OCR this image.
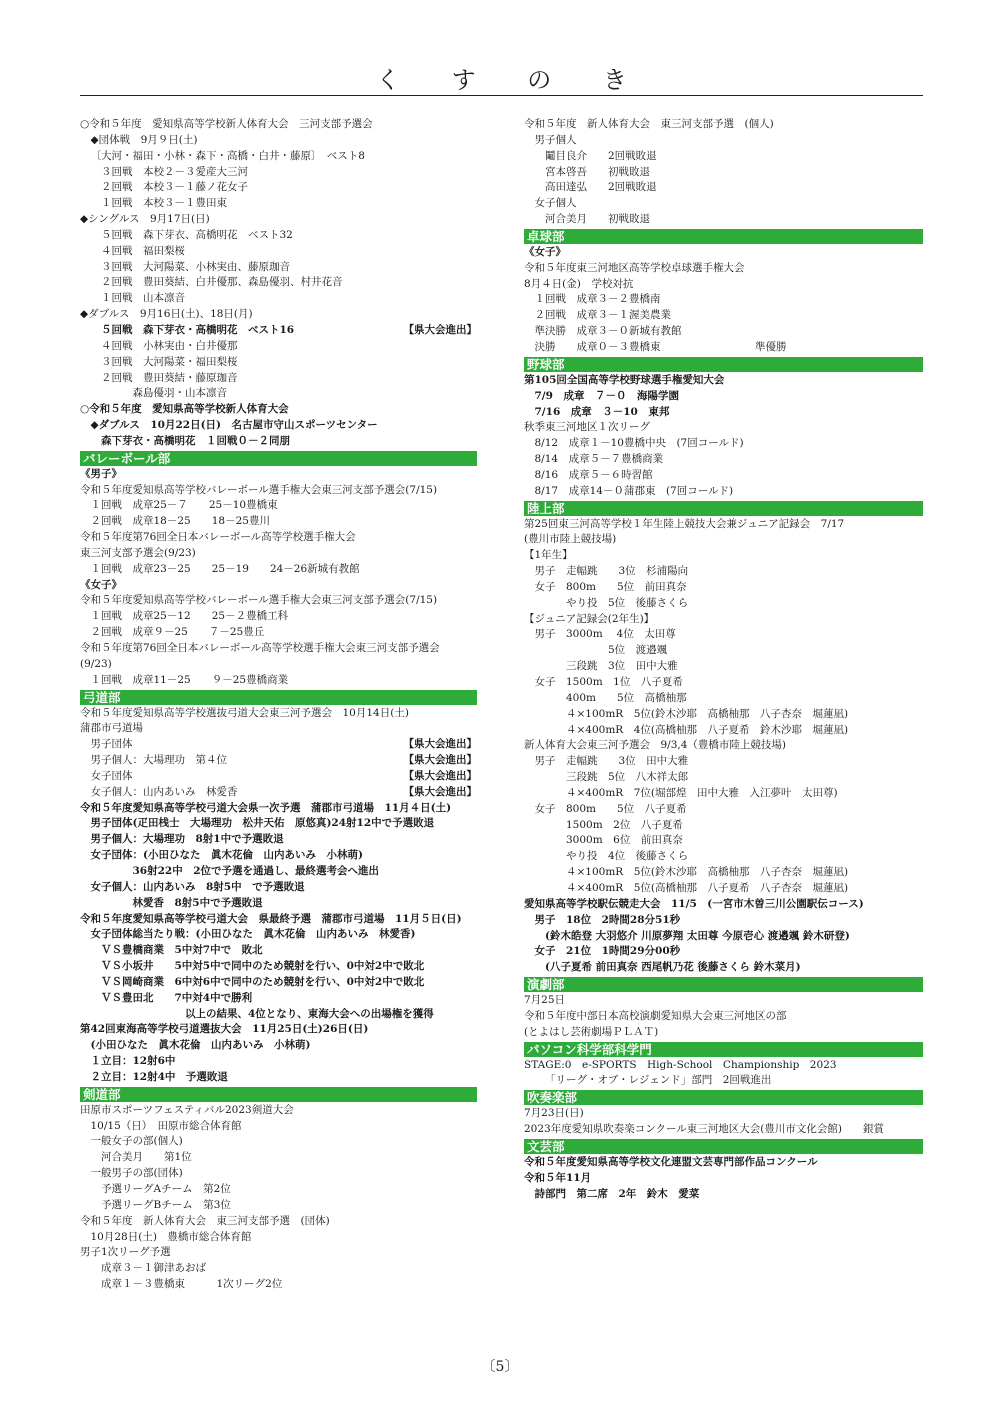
く す の き
○令和５年度　愛知県高等学校新人体育大会　三河支部予選会
◆団体戦　9月９日(土)
〔大河・福田・小林・森下・高橋・白井・藤原〕　ベスト8
３回戦　本校２－３愛産大三河
２回戦　本校３－１藤ノ花女子
１回戦　本校３－１豊田東
◆シングルス　9月17日(日)
５回戦　森下芽衣、高橋明花　ベスト32
４回戦　福田梨桜
３回戦　大河陽菜、小林実由、藤原珈音
２回戦　豊田葵結、白井優那、森島優羽、村井花音
１回戦　山本凛音
◆ダブルス　9月16日(土)、18日(月)
５回戦　森下芽衣・高橋明花　ベスト16	【県大会進出】
４回戦　小林実由・白井優那
３回戦　大河陽菜・福田梨桜
２回戦　豊田葵結・藤原珈音
森島優羽・山本凛音
○令和５年度　愛知県高等学校新人体育大会
◆ダブルス　10月22日(日)　名古屋市守山スポーツセンター
森下芽衣・高橋明花　１回戦０－２同朋
バレーボール部
《男子》
令和５年度愛知県高等学校バレーボール選手権大会東三河支部予選会(7/15)
１回戦　成章25－７　　25－10豊橋東
２回戦　成章18－25　　18－25豊川
令和５年度第76回全日本バレーボール高等学校選手権大会
東三河支部予選会(9/23)
１回戦　成章23－25　　25－19　　24－26新城有教館
《女子》
令和５年度愛知県高等学校バレーボール選手権大会東三河支部予選会(7/15)
１回戦　成章25－12　　25－２豊橋工科
２回戦　成章９－25　　７－25豊丘
令和５年度第76回全日本バレーボール高等学校選手権大会東三河支部予選会
(9/23)
１回戦　成章11－25　　９－25豊橋商業
弓道部
令和５年度愛知県高等学校選抜弓道大会東三河予選会　10月14日(土)
蒲郡市弓道場
男子団体	【県大会進出】
男子個人：大場理功　第４位	【県大会進出】
女子団体	【県大会進出】
女子個人：山内あいみ　林愛香	【県大会進出】
令和５年度愛知県高等学校弓道大会県一次予選　蒲郡市弓道場　11月４日(土)
男子団体(疋田桟士　大場理功　松井天佑　原悠真)24射12中で予選敗退
男子個人：大場理功　8射1中で予選敗退
女子団体：(小田ひなた　眞木花倫　山内あいみ　小林萌)
36射22中　2位で予選を通過し、最終選考会へ進出
女子個人：山内あいみ　8射5中　で予選敗退
林愛香　8射5中で予選敗退
令和５年度愛知県高等学校弓道大会　県最終予選　蒲郡市弓道場　11月５日(日)
女子団体総当たり戦：(小田ひなた　眞木花倫　山内あいみ　林愛香)
ＶＳ豊橋商業　5中対7中で　敗北
ＶＳ小坂井　　5中対5中で同中のため競射を行い、0中対2中で敗北
ＶＳ岡崎商業　6中対6中で同中のため競射を行い、0中対2中で敗北
ＶＳ豊田北　　7中対4中で勝利
以上の結果、4位となり、東海大会への出場権を獲得
第42回東海高等学校弓道選抜大会　11月25日(土)26日(日)
(小田ひなた　眞木花倫　山内あいみ　小林萌)
１立目：12射6中
２立目：12射4中　予選敗退
剣道部
田原市スポーツフェスティバル2023剣道大会
10/15（日）　田原市総合体育館
一般女子の部(個人)
河合美月　　第1位
一般男子の部(団体)
予選リーグAチーム　第2位
予選リーグBチーム　第3位
令和５年度　新人体育大会　東三河支部予選　(団体)
10月28日(土)　豊橋市総合体育館
男子1次リーグ予選
成章３－１御津あおば
成章１－３豊橋東　　　1次リーグ2位
令和５年度　新人体育大会　東三河支部予選　(個人)
男子個人
鬮目良介　　2回戦敗退
宮本啓吾　　初戦敗退
高田達弘　　2回戦敗退
女子個人
河合美月　　初戦敗退
卓球部
《女子》
令和５年度東三河地区高等学校卓球選手権大会
8月４日(金)　学校対抗
１回戦　成章３－２豊橋南
２回戦　成章３－１渥美農業
準決勝　成章３－０新城有教館
決勝　　成章０－３豊橋東　　　　　　　　　準優勝
野球部
第105回全国高等学校野球選手権愛知大会
7/9　成章　７－０　海陽学園
7/16　成章　３－10　東邦
秋季東三河地区１次リーグ
8/12　成章１－10豊橋中央　(7回コールド)
8/14　成章５－７豊橋商業
8/16　成章５－６時習館
8/17　成章14－０蒲郡東　(7回コールド)
陸上部
第25回東三河高等学校１年生陸上競技大会兼ジュニア記録会　7/17
(豊川市陸上競技場)
【1年生】
男子　走幅跳　　3位　杉浦陽向
女子　800m　　5位　前田真奈
やり投　5位　後藤さくら
【ジュニア記録会(2年生)】
男子　3000m　 4位　太田尊
5位　渡邉颯
三段跳　3位　田中大雅
女子　1500m　1位　八子夏希
400m　　5位　高橋柚那
４×100mR　5位(鈴木沙耶　高橋柚那　八子杏奈　堀蓮凪)
４×400mR　4位(高橋柚那　八子夏希　鈴木沙耶　堀蓮凪)
新人体育大会東三河予選会　9/3,4（豊橋市陸上競技場)
男子　走幅跳　　3位　田中大雅
三段跳　5位　八木祥太郎
４×400mR　7位(堀部煌　田中大雅　入江夢叶　太田尊)
女子　800m　　5位　八子夏希
1500m　2位　八子夏希
3000m　6位　前田真奈
やり投　4位　後藤さくら
４×100mR　5位(鈴木沙耶　高橋柚那　八子杏奈　堀蓮凪)
４×400mR　5位(高橋柚那　八子夏希　八子杏奈　堀蓮凪)
愛知県高等学校駅伝競走大会　11/5　(一宮市木曽三川公園駅伝コース)
男子　18位　2時間28分51秒
(鈴木皓登 大羽悠介 川原夢翔 太田尊 今原壱心 渡邉颯 鈴木研登)
女子　21位　1時間29分00秒
(八子夏希 前田真奈 西尾帆乃花 後藤さくら 鈴木菜月)
演劇部
7月25日
令和５年度中部日本高校演劇愛知県大会東三河地区の部
(とよはし芸術劇場ＰＬＡＴ)
パソコン科学部科学門
STAGE:0　e-SPORTS　High-School　Championship　2023
「リーグ・オブ・レジェンド」部門　2回戦進出
吹奏楽部
7月23日(日)
2023年度愛知県吹奏楽コンクール東三河地区大会(豊川市文化会館)　　銀賞
文芸部
令和５年度愛知県高等学校文化連盟文芸専門部作品コンクール
令和５年11月
詩部門　第二席　2年　鈴木　愛菜
〔5〕
